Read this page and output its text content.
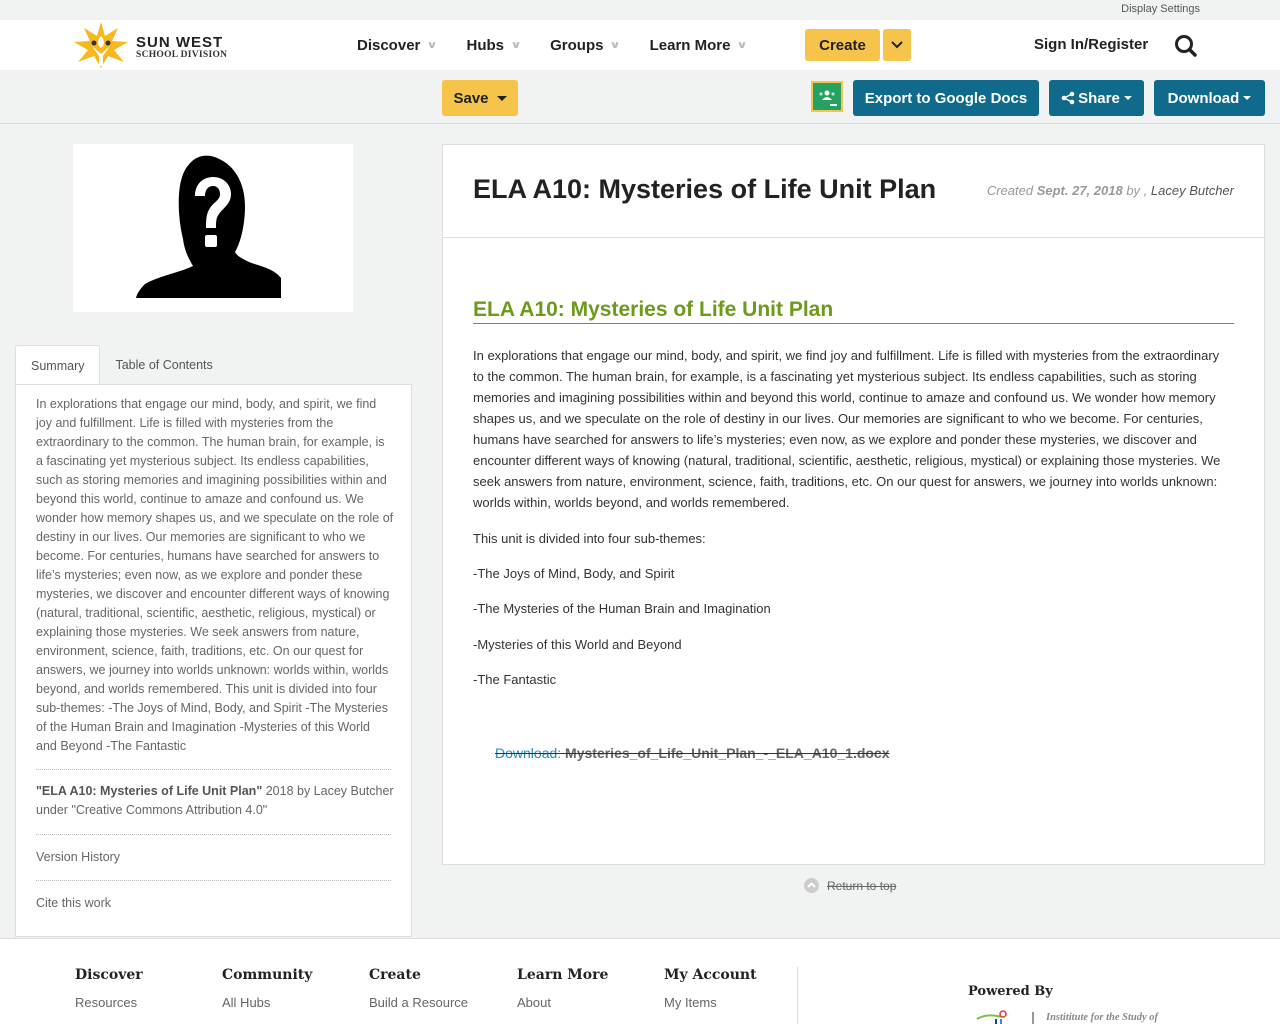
Display Settings
SUN WEST
SCHOOL DIVISION
Discover ∨ Hubs ∨ Groups ∨ Learn More ∨	Create	Sign In/Register
Save	Export to Google Docs	Share	Download
Summary	Table of Contents

In explorations that engage our mind, body, and spirit, we find joy and fulfillment. Life is filled with mysteries from the extraordinary to the common. The human brain, for example, is a fascinating yet mysterious subject. Its endless capabilities, such as storing memories and imagining possibilities within and beyond this world, continue to amaze and confound us. We wonder how memory shapes us, and we speculate on the role of destiny in our lives. Our memories are significant to who we become. For centuries, humans have searched for answers to life’s mysteries; even now, as we explore and ponder these mysteries, we discover and encounter different ways of knowing (natural, traditional, scientific, aesthetic, religious, mystical) or explaining those mysteries. We seek answers from nature, environment, science, faith, traditions, etc. On our quest for answers, we journey into worlds unknown: worlds within, worlds beyond, and worlds remembered. This unit is divided into four sub-themes: -The Joys of Mind, Body, and Spirit -The Mysteries of the Human Brain and Imagination -Mysteries of this World and Beyond -The Fantastic

"ELA A10: Mysteries of Life Unit Plan" 2018 by Lacey Butcher under "Creative Commons Attribution 4.0"
Version History
Cite this work
ELA A10: Mysteries of Life Unit Plan	Created Sept. 27, 2018 by , Lacey Butcher
ELA A10: Mysteries of Life Unit Plan

In explorations that engage our mind, body, and spirit, we find joy and fulfillment. Life is filled with mysteries from the extraordinary to the common. The human brain, for example, is a fascinating yet mysterious subject. Its endless capabilities, such as storing memories and imagining possibilities within and beyond this world, continue to amaze and confound us. We wonder how memory shapes us, and we speculate on the role of destiny in our lives. Our memories are significant to who we become. For centuries, humans have searched for answers to life’s mysteries; even now, as we explore and ponder these mysteries, we discover and encounter different ways of knowing (natural, traditional, scientific, aesthetic, religious, mystical) or explaining those mysteries. We seek answers from nature, environment, science, faith, traditions, etc. On our quest for answers, we journey into worlds unknown: worlds within, worlds beyond, and worlds remembered.

This unit is divided into four sub-themes:

-The Joys of Mind, Body, and Spirit

-The Mysteries of the Human Brain and Imagination

-Mysteries of this World and Beyond

-The Fantastic

Download: Mysteries_of_Life_Unit_Plan_-_ELA_A10_1.docx
Return to top
Discover
Resources
Community
All Hubs
Create
Build a Resource
Learn More
About
My Account
My Items
Powered By
Instititute for the Study of
